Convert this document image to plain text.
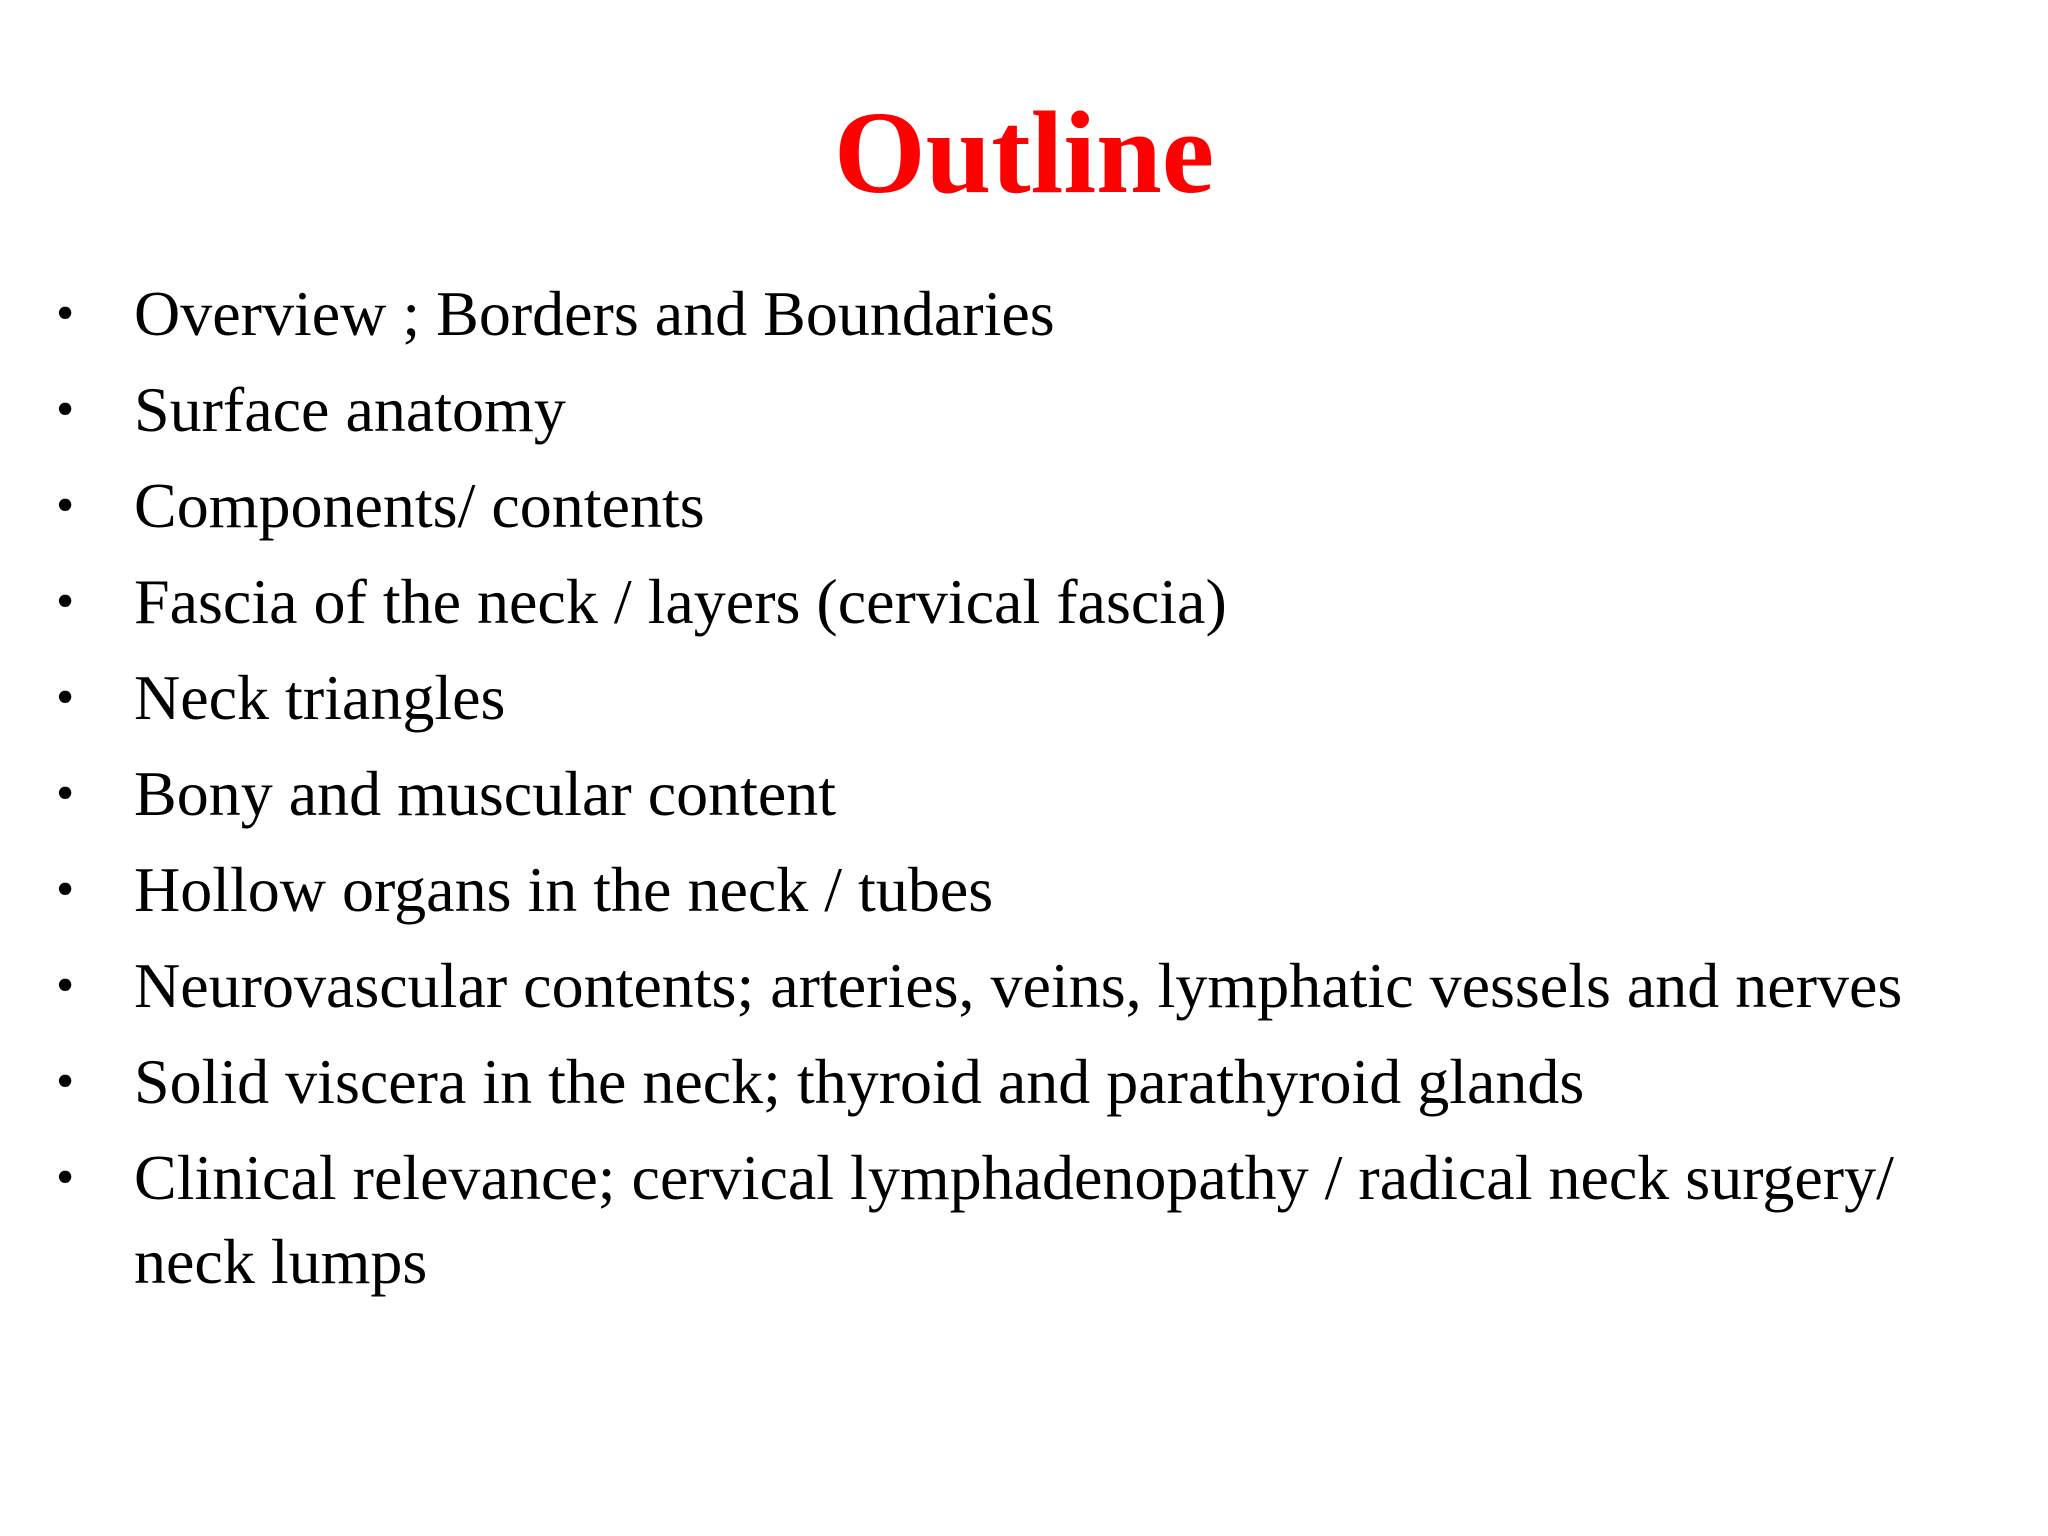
Outline
• Overview ; Borders and Boundaries
• Surface anatomy
• Components/ contents
• Fascia of the neck / layers (cervical fascia)
• Neck triangles
• Bony and muscular content
• Hollow organs in the neck / tubes
• Neurovascular contents; arteries, veins, lymphatic vessels and nerves
• Solid viscera in the neck; thyroid and parathyroid glands
• Clinical relevance; cervical lymphadenopathy / radical neck surgery/ neck lumps
